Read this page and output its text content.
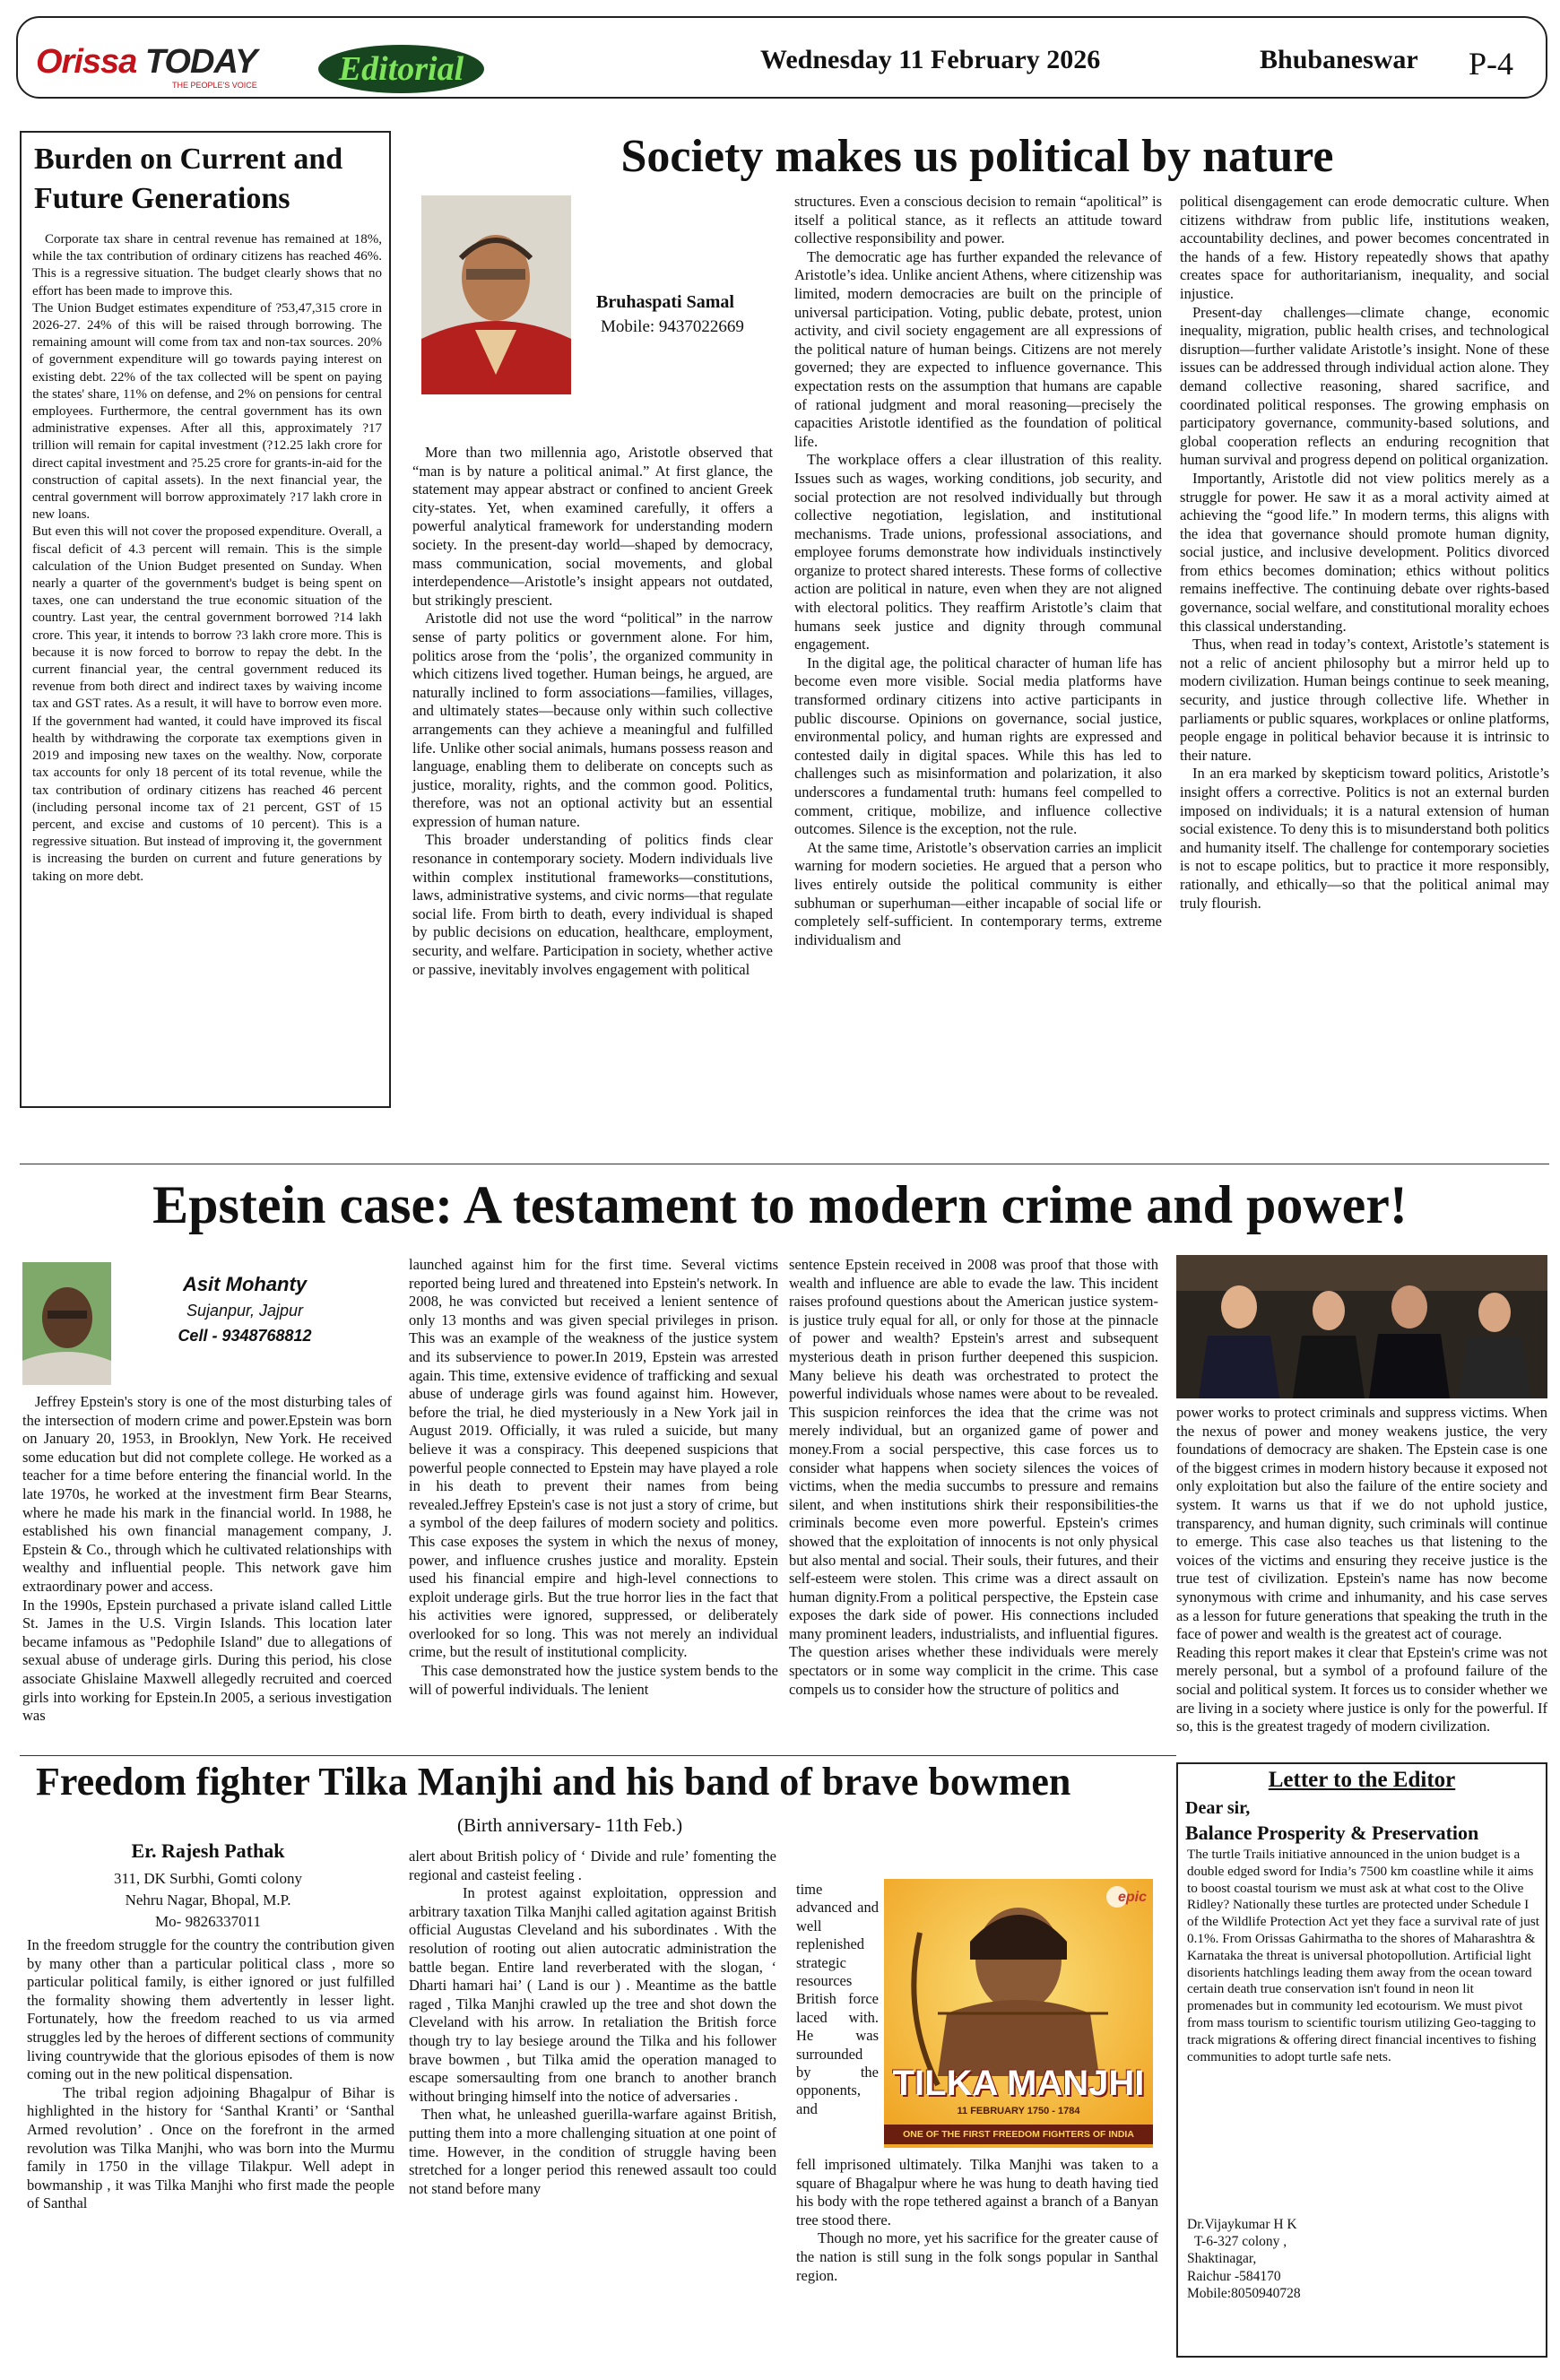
Orissa TODAY
THE PEOPLE'S VOICE	Editorial	Wednesday 11 February 2026	Bhubaneswar P-4
Burden on Current and Future Generations

Corporate tax share in central revenue has remained at 18%, while the tax contribution of ordinary citizens has reached 46%. This is a regressive situation. The budget clearly shows that no effort has been made to improve this.

The Union Budget estimates expenditure of ?53,47,315 crore in 2026-27. 24% of this will be raised through borrowing. The remaining amount will come from tax and non-tax sources. 20% of government expenditure will go towards paying interest on existing debt. 22% of the tax collected will be spent on paying the states' share, 11% on defense, and 2% on pensions for central employees. Furthermore, the central government has its own administrative expenses. After all this, approximately ?17 trillion will remain for capital investment (?12.25 lakh crore for direct capital investment and ?5.25 crore for grants-in-aid for the construction of capital assets). In the next financial year, the central government will borrow approximately ?17 lakh crore in new loans.

But even this will not cover the proposed expenditure. Overall, a fiscal deficit of 4.3 percent will remain. This is the simple calculation of the Union Budget presented on Sunday. When nearly a quarter of the government's budget is being spent on taxes, one can understand the true economic situation of the country. Last year, the central government borrowed ?14 lakh crore. This year, it intends to borrow ?3 lakh crore more. This is because it is now forced to borrow to repay the debt. In the current financial year, the central government reduced its revenue from both direct and indirect taxes by waiving income tax and GST rates. As a result, it will have to borrow even more. If the government had wanted, it could have improved its fiscal health by withdrawing the corporate tax exemptions given in 2019 and imposing new taxes on the wealthy. Now, corporate tax accounts for only 18 percent of its total revenue, while the tax contribution of ordinary citizens has reached 46 percent (including personal income tax of 21 percent, GST of 15 percent, and excise and customs of 10 percent). This is a regressive situation. But instead of improving it, the government is increasing the burden on current and future generations by taking on more debt.

Society makes us political by nature
Bruhaspati Samal
Mobile: 9437022669

More than two millennia ago, Aristotle observed that “man is by nature a political animal.” At first glance, the statement may appear abstract or confined to ancient Greek city-states. Yet, when examined carefully, it offers a powerful analytical framework for understanding modern society. In the present-day world—shaped by democracy, mass communication, social movements, and global interdependence—Aristotle’s insight appears not outdated, but strikingly prescient.

Aristotle did not use the word “political” in the narrow sense of party politics or government alone. For him, politics arose from the ‘polis’, the organized community in which citizens lived together. Human beings, he argued, are naturally inclined to form associations—families, villages, and ultimately states—because only within such collective arrangements can they achieve a meaningful and fulfilled life. Unlike other social animals, humans possess reason and language, enabling them to deliberate on concepts such as justice, morality, rights, and the common good. Politics, therefore, was not an optional activity but an essential expression of human nature.

This broader understanding of politics finds clear resonance in contemporary society. Modern individuals live within complex institutional frameworks—constitutions, laws, administrative systems, and civic norms—that regulate social life. From birth to death, every individual is shaped by public decisions on education, healthcare, employment, security, and welfare. Participation in society, whether active or passive, inevitably involves engagement with political

structures. Even a conscious decision to remain “apolitical” is itself a political stance, as it reflects an attitude toward collective responsibility and power.

The democratic age has further expanded the relevance of Aristotle’s idea. Unlike ancient Athens, where citizenship was limited, modern democracies are built on the principle of universal participation. Voting, public debate, protest, union activity, and civil society engagement are all expressions of the political nature of human beings. Citizens are not merely governed; they are expected to influence governance. This expectation rests on the assumption that humans are capable of rational judgment and moral reasoning—precisely the capacities Aristotle identified as the foundation of political life.

The workplace offers a clear illustration of this reality. Issues such as wages, working conditions, job security, and social protection are not resolved individually but through collective negotiation, legislation, and institutional mechanisms. Trade unions, professional associations, and employee forums demonstrate how individuals instinctively organize to protect shared interests. These forms of collective action are political in nature, even when they are not aligned with electoral politics. They reaffirm Aristotle’s claim that humans seek justice and dignity through communal engagement.

In the digital age, the political character of human life has become even more visible. Social media platforms have transformed ordinary citizens into active participants in public discourse. Opinions on governance, social justice, environmental policy, and human rights are expressed and contested daily in digital spaces. While this has led to challenges such as misinformation and polarization, it also underscores a fundamental truth: humans feel compelled to comment, critique, mobilize, and influence collective outcomes. Silence is the exception, not the rule.

At the same time, Aristotle’s observation carries an implicit warning for modern societies. He argued that a person who lives entirely outside the political community is either subhuman or superhuman—either incapable of social life or completely self-sufficient. In contemporary terms, extreme individualism and

political disengagement can erode democratic culture. When citizens withdraw from public life, institutions weaken, accountability declines, and power becomes concentrated in the hands of a few. History repeatedly shows that apathy creates space for authoritarianism, inequality, and social injustice.

Present-day challenges—climate change, economic inequality, migration, public health crises, and technological disruption—further validate Aristotle’s insight. None of these issues can be addressed through individual action alone. They demand collective reasoning, shared sacrifice, and coordinated political responses. The growing emphasis on participatory governance, community-based solutions, and global cooperation reflects an enduring recognition that human survival and progress depend on political organization.

Importantly, Aristotle did not view politics merely as a struggle for power. He saw it as a moral activity aimed at achieving the “good life.” In modern terms, this aligns with the idea that governance should promote human dignity, social justice, and inclusive development. Politics divorced from ethics becomes domination; ethics without politics remains ineffective. The continuing debate over rights-based governance, social welfare, and constitutional morality echoes this classical understanding.

Thus, when read in today’s context, Aristotle’s statement is not a relic of ancient philosophy but a mirror held up to modern civilization. Human beings continue to seek meaning, security, and justice through collective life. Whether in parliaments or public squares, workplaces or online platforms, people engage in political behavior because it is intrinsic to their nature.

In an era marked by skepticism toward politics, Aristotle’s insight offers a corrective. Politics is not an external burden imposed on individuals; it is a natural extension of human social existence. To deny this is to misunderstand both politics and humanity itself. The challenge for contemporary societies is not to escape politics, but to practice it more responsibly, rationally, and ethically—so that the political animal may truly flourish.

Epstein case: A testament to modern crime and power!
Asit Mohanty
Sujanpur, Jajpur
Cell - 9348768812

Jeffrey Epstein's story is one of the most disturbing tales of the intersection of modern crime and power.Epstein was born on January 20, 1953, in Brooklyn, New York. He received some education but did not complete college. He worked as a teacher for a time before entering the financial world. In the late 1970s, he worked at the investment firm Bear Stearns, where he made his mark in the financial world. In 1988, he established his own financial management company, J. Epstein & Co., through which he cultivated relationships with wealthy and influential people. This network gave him extraordinary power and access.

In the 1990s, Epstein purchased a private island called Little St. James in the U.S. Virgin Islands. This location later became infamous as "Pedophile Island" due to allegations of sexual abuse of underage girls. During this period, his close associate Ghislaine Maxwell allegedly recruited and coerced girls into working for Epstein.In 2005, a serious investigation was

launched against him for the first time. Several victims reported being lured and threatened into Epstein's network. In 2008, he was convicted but received a lenient sentence of only 13 months and was given special privileges in prison. This was an example of the weakness of the justice system and its subservience to power.In 2019, Epstein was arrested again. This time, extensive evidence of trafficking and sexual abuse of underage girls was found against him. However, before the trial, he died mysteriously in a New York jail in August 2019. Officially, it was ruled a suicide, but many believe it was a conspiracy. This deepened suspicions that powerful people connected to Epstein may have played a role in his death to prevent their names from being revealed.Jeffrey Epstein's case is not just a story of crime, but a symbol of the deep failures of modern society and politics. This case exposes the system in which the nexus of money, power, and influence crushes justice and morality. Epstein used his financial empire and high-level connections to exploit underage girls. But the true horror lies in the fact that his activities were ignored, suppressed, or deliberately overlooked for so long. This was not merely an individual crime, but the result of institutional complicity.

This case demonstrated how the justice system bends to the will of powerful individuals. The lenient

sentence Epstein received in 2008 was proof that those with wealth and influence are able to evade the law. This incident raises profound questions about the American justice system-is justice truly equal for all, or only for those at the pinnacle of power and wealth? Epstein's arrest and subsequent mysterious death in prison further deepened this suspicion. Many believe his death was orchestrated to protect the powerful individuals whose names were about to be revealed. This suspicion reinforces the idea that the crime was not merely individual, but an organized game of power and money.From a social perspective, this case forces us to consider what happens when society silences the voices of victims, when the media succumbs to pressure and remains silent, and when institutions shirk their responsibilities-the criminals become even more powerful. Epstein's crimes showed that the exploitation of innocents is not only physical but also mental and social. Their souls, their futures, and their self-esteem were stolen. This crime was a direct assault on human dignity.From a political perspective, the Epstein case exposes the dark side of power. His connections included many prominent leaders, industrialists, and influential figures. The question arises whether these individuals were merely spectators or in some way complicit in the crime. This case compels us to consider how the structure of politics and

power works to protect criminals and suppress victims. When the nexus of power and money weakens justice, the very foundations of democracy are shaken. The Epstein case is one of the biggest crimes in modern history because it exposed not only exploitation but also the failure of the entire society and system. It warns us that if we do not uphold justice, transparency, and human dignity, such criminals will continue to emerge. This case also teaches us that listening to the voices of the victims and ensuring they receive justice is the true test of civilization. Epstein's name has now become synonymous with crime and inhumanity, and his case serves as a lesson for future generations that speaking the truth in the face of power and wealth is the greatest act of courage.

Reading this report makes it clear that Epstein's crime was not merely personal, but a symbol of a profound failure of the social and political system. It forces us to consider whether we are living in a society where justice is only for the powerful. If so, this is the greatest tragedy of modern civilization.

Freedom fighter Tilka Manjhi and his band of brave bowmen
(Birth anniversary- 11th Feb.)
Er. Rajesh Pathak
311, DK Surbhi, Gomti colony
Nehru Nagar, Bhopal, M.P.
Mo- 9826337011

In the freedom struggle for the country the contribution given by many other than a particular political class , more so particular political family, is either ignored or just fulfilled the formality showing them advertently in lesser light. Fortunately, how the freedom reached to us via armed struggles led by the heroes of different sections of community living countrywide that the glorious episodes of them is now coming out in the new political dispensation.

The tribal region adjoining Bhagalpur of Bihar is highlighted in the history for ‘Santhal Kranti’ or ‘Santhal Armed revolution’ . Once on the forefront in the armed revolution was Tilka Manjhi, who was born into the Murmu family in 1750 in the village Tilakpur. Well adept in bowmanship , it was Tilka Manjhi who first made the people of Santhal

alert about British policy of ‘ Divide and rule’ fomenting the regional and casteist feeling .

In protest against exploitation, oppression and arbitrary taxation Tilka Manjhi called agitation against British official Augustas Cleveland and his subordinates . With the resolution of rooting out alien autocratic administration the battle began. Entire land reverberated with the slogan, ‘ Dharti hamari hai’ ( Land is our ) . Meantime as the battle raged , Tilka Manjhi crawled up the tree and shot down the Cleveland with his arrow. In retaliation the British force though try to lay besiege around the Tilka and his follower brave bowmen , but Tilka amid the operation managed to escape somersaulting from one branch to another branch without bringing himself into the notice of adversaries .

Then what, he unleashed guerilla-warfare against British, putting them into a more challenging situation at one point of time. However, in the condition of struggle having been stretched for a longer period this renewed assault too could not stand before many

time advanced and well replenished strategic resources British force laced with. He was surrounded by the opponents, and

epic
TILKA MANJHI
11 FEBRUARY 1750 - 1784
ONE OF THE FIRST FREEDOM FIGHTERS OF INDIA

fell imprisoned ultimately. Tilka Manjhi was taken to a square of Bhagalpur where he was hung to death having tied his body with the rope tethered against a branch of a Banyan tree stood there.

Though no more, yet his sacrifice for the greater cause of the nation is still sung in the folk songs popular in Santhal region.

Letter to the Editor
Dear sir,
Balance Prosperity & Preservation
The turtle Trails initiative announced in the union budget is a double edged sword for India’s 7500 km coastline while it aims to boost coastal tourism we must ask at what cost to the Olive Ridley? Nationally these turtles are protected under Schedule I of the Wildlife Protection Act yet they face a survival rate of just 0.1%. From Orissas Gahirmatha to the shores of Maharashtra & Karnataka the threat is universal photopollution. Artificial light disorients hatchlings leading them away from the ocean toward certain death true conservation isn't found in neon lit promenades but in community led ecotourism. We must pivot from mass tourism to scientific tourism utilizing Geo-tagging to track migrations & offering direct financial incentives to fishing communities to adopt turtle safe nets.
Dr.Vijaykumar H K
T-6-327 colony ,
Shaktinagar,
Raichur -584170
Mobile:8050940728
